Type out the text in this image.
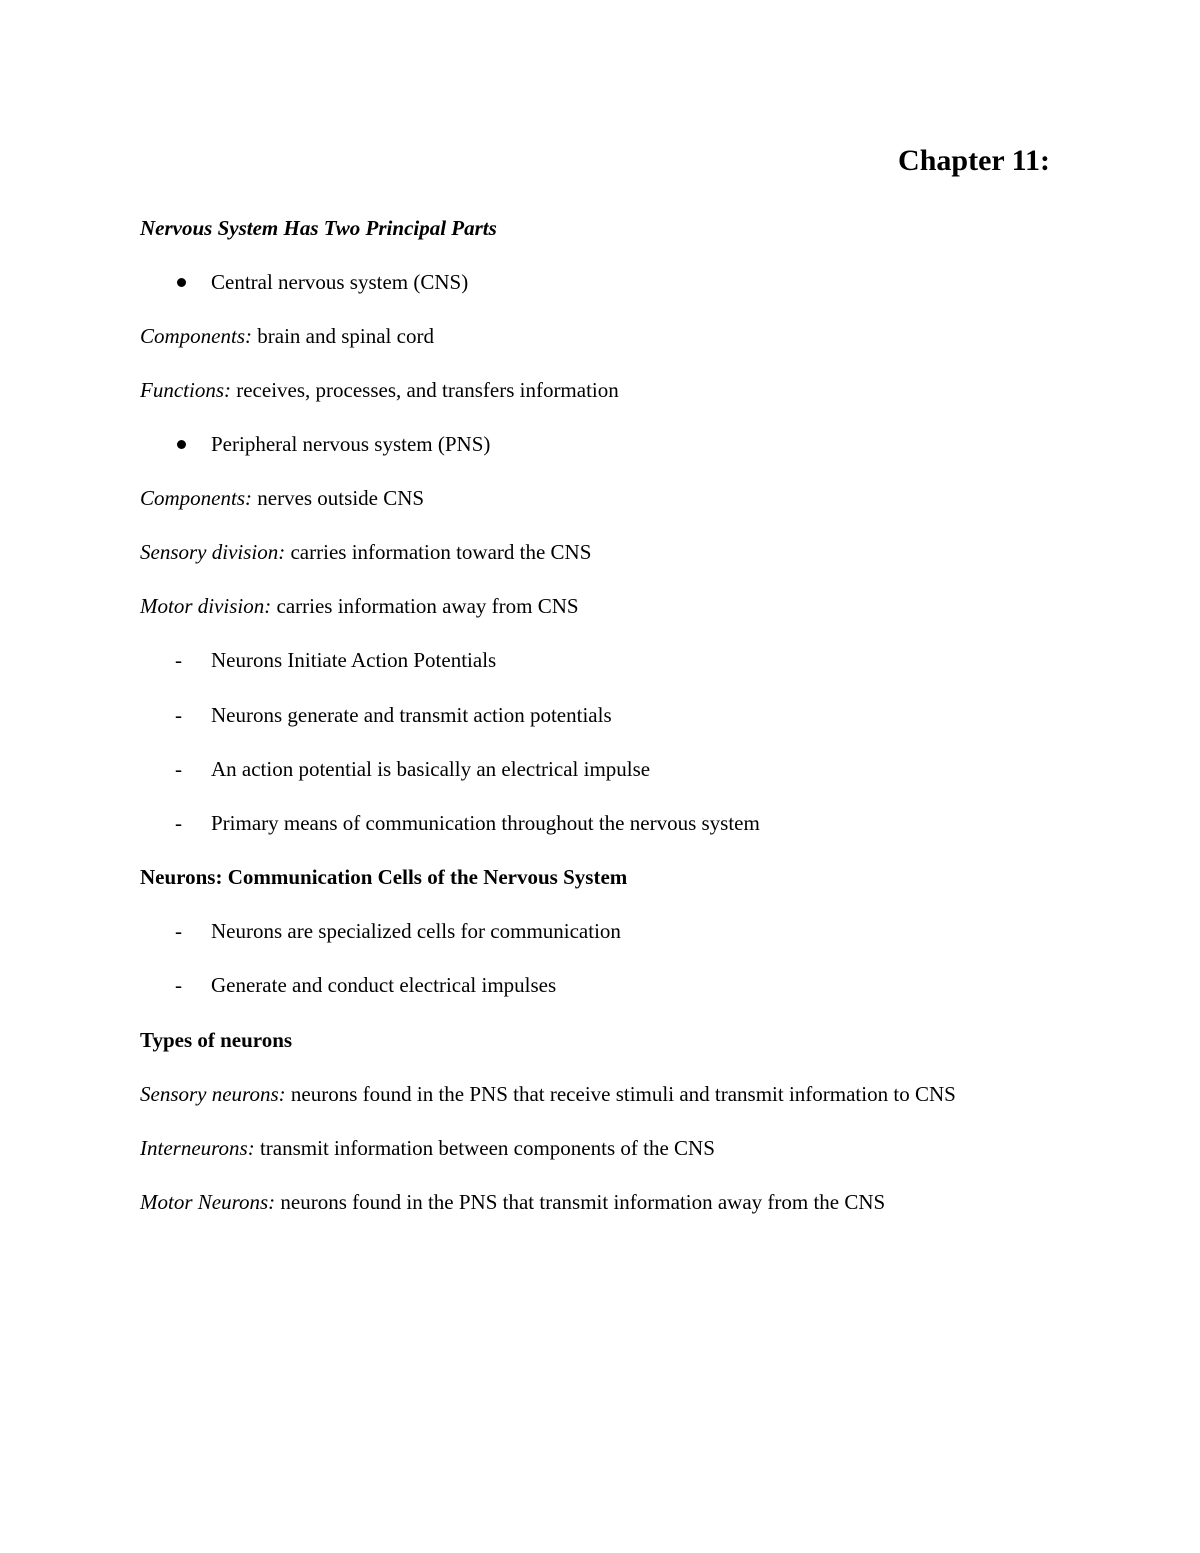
Chapter 11:

Nervous System Has Two Principal Parts

Central nervous system (CNS)

Components: brain and spinal cord

Functions: receives, processes, and transfers information

Peripheral nervous system (PNS)

Components: nerves outside CNS

Sensory division: carries information toward the CNS

Motor division: carries information away from CNS

- Neurons Initiate Action Potentials

- Neurons generate and transmit action potentials

- An action potential is basically an electrical impulse

- Primary means of communication throughout the nervous system

Neurons: Communication Cells of the Nervous System

- Neurons are specialized cells for communication

- Generate and conduct electrical impulses

Types of neurons

Sensory neurons: neurons found in the PNS that receive stimuli and transmit information to CNS

Interneurons: transmit information between components of the CNS

Motor Neurons: neurons found in the PNS that transmit information away from the CNS
